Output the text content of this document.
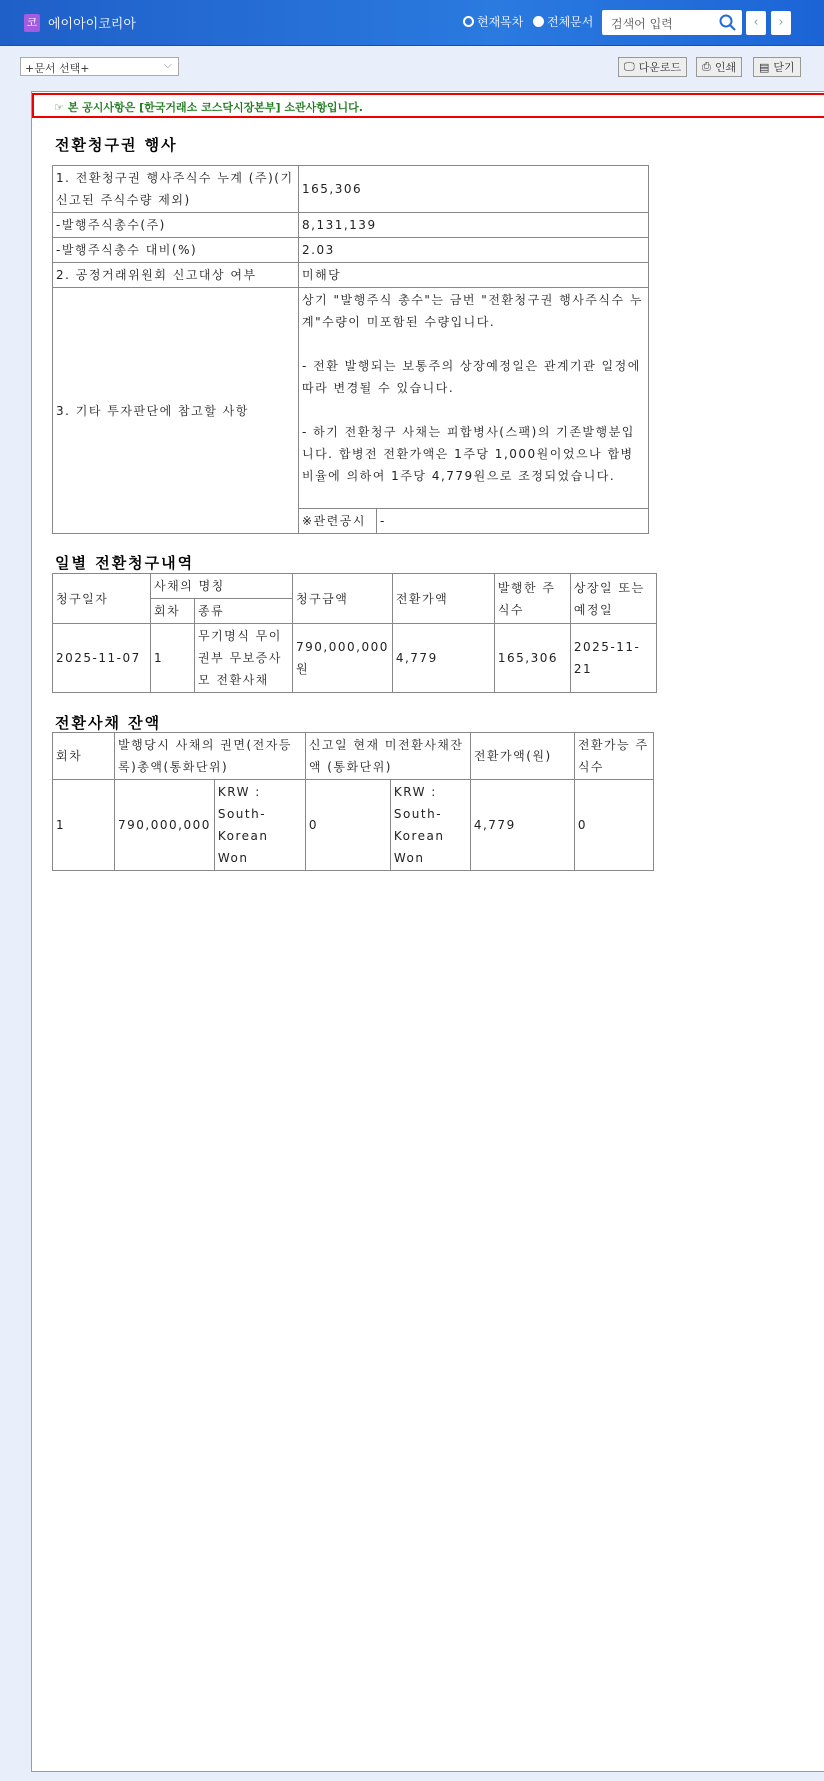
코 에이아이코리아	현재목차 전체문서 검색어 입력	‹	›
+문서 선택+	⌵	🖵 다운로드 ⎙ 인쇄 ▤ 닫기
☞ 본 공시사항은 [한국거래소 코스닥시장본부] 소관사항입니다.
전환청구권 행사
1. 전환청구권 행사주식수 누계 (주)(기 신고된 주식수량 제외)	165,306	
-발행주식총수(주)	8,131,139	
-발행주식총수 대비(%)	2.03	
2. 공정거래위원회 신고대상 여부	미해당	
3. 기타 투자판단에 참고할 사항	상기 "발행주식 총수"는 금번 "전환청구권 행사주식수 누계"수량이 미포함된 수량입니다.

- 전환 발행되는 보통주의 상장예정일은 관계기관 일정에 따라 변경될 수 있습니다.

- 하기 전환청구 사채는 피합병사(스팩)의 기존발행분입니다. 합병전 전환가액은 1주당 1,000원이었으나 합병비율에 의하여 1주당 4,779원으로 조정되었습니다.	

	※관련공시	-
일별 전환청구내역
청구일자	사채의 명칭		청구금액	전환가액	발행한 주식수	상장일 또는 예정일
	회차	종류				
2025-11-07	1	무기명식 무이권부 무보증사모 전환사채	790,000,000원	4,779	165,306	2025-11-21
전환사채 잔액
회차	발행당시 사채의 권면(전자등록)총액(통화단위)		신고일 현재 미전환사채잔액 (통화단위)		전환가액(원)	전환가능 주식수
1	790,000,000	KRW : South-Korean Won	0	KRW : South-Korean Won	4,779	0
